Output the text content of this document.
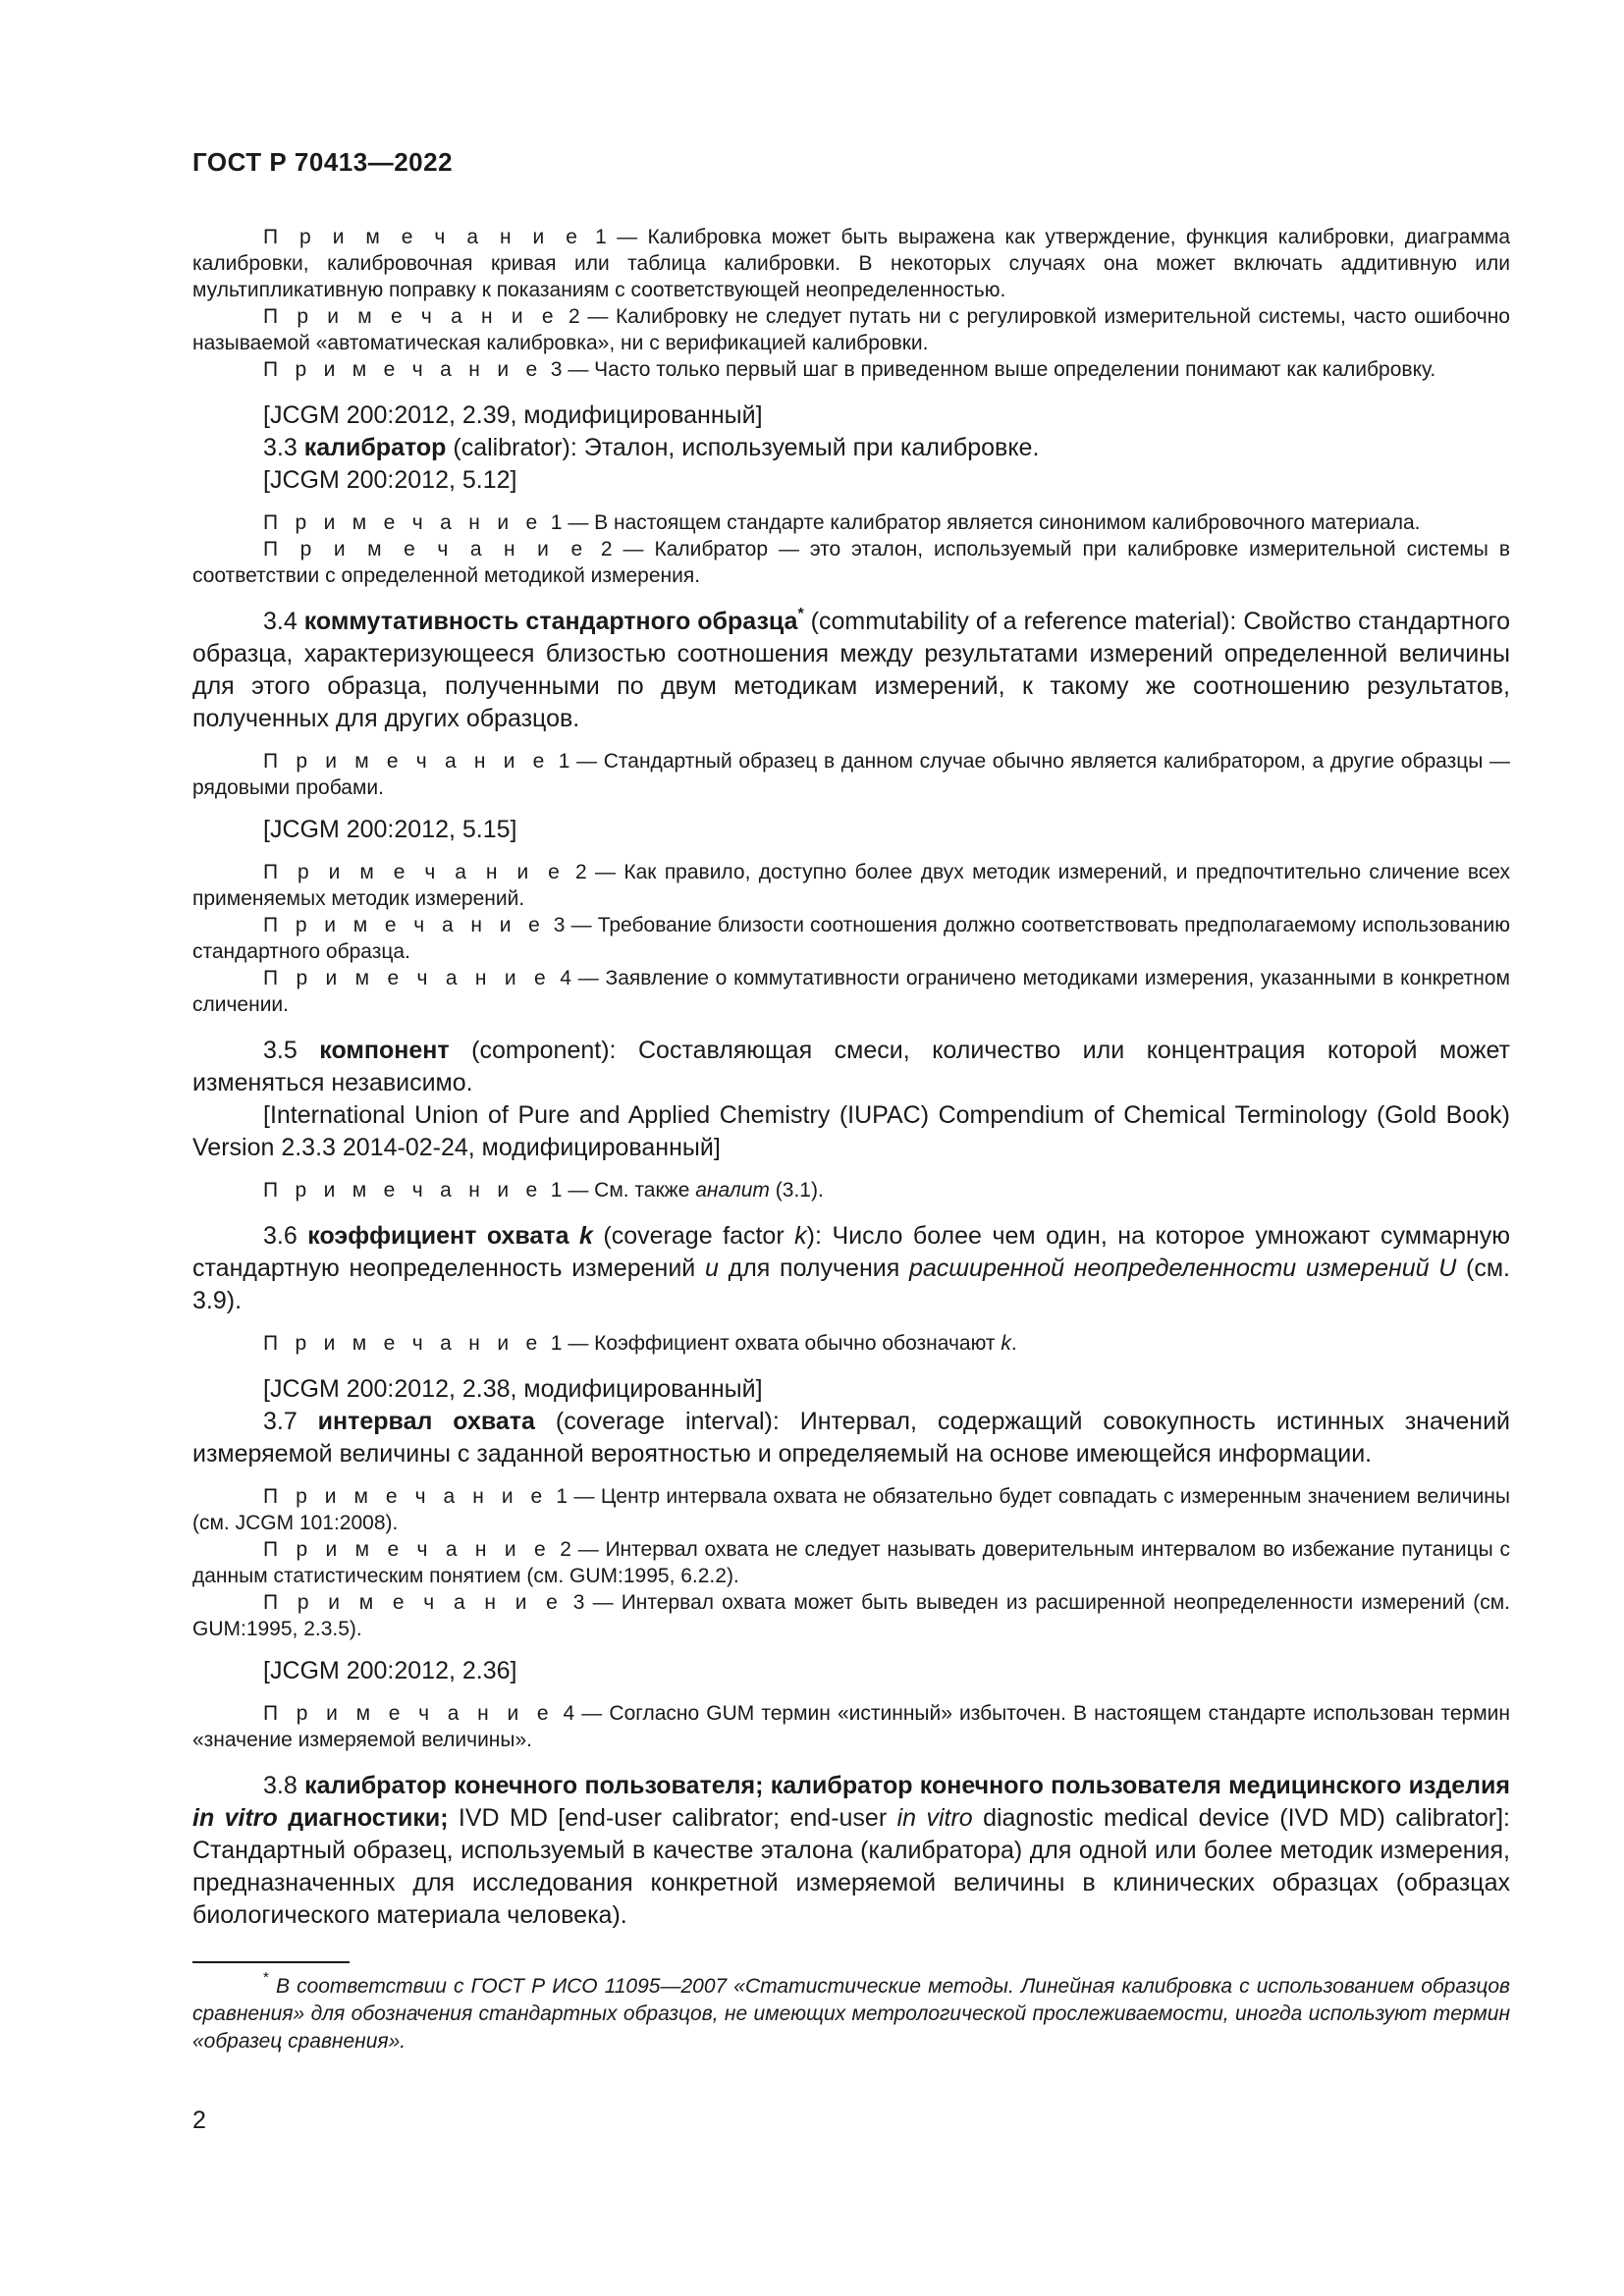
ГОСТ Р 70413—2022

П р и м е ч а н и е 1 — Калибровка может быть выражена как утверждение, функция калибровки, диаграмма калибровки, калибровочная кривая или таблица калибровки. В некоторых случаях она может включать аддитивную или мультипликативную поправку к показаниям с соответствующей неопределенностью.

П р и м е ч а н и е 2 — Калибровку не следует путать ни с регулировкой измерительной системы, часто ошибочно называемой «автоматическая калибровка», ни с верификацией калибровки.

П р и м е ч а н и е 3 — Часто только первый шаг в приведенном выше определении понимают как калибровку.

[JCGM 200:2012, 2.39, модифицированный]

3.3 калибратор (calibrator): Эталон, используемый при калибровке.

[JCGM 200:2012, 5.12]

П р и м е ч а н и е 1 — В настоящем стандарте калибратор является синонимом калибровочного материала.

П р и м е ч а н и е 2 — Калибратор — это эталон, используемый при калибровке измерительной системы в соответствии с определенной методикой измерения.

3.4 коммутативность стандартного образца* (commutability of a reference material): Свойство стандартного образца, характеризующееся близостью соотношения между результатами измерений определенной величины для этого образца, полученными по двум методикам измерений, к такому же соотношению результатов, полученных для других образцов.

П р и м е ч а н и е 1 — Стандартный образец в данном случае обычно является калибратором, а другие образцы — рядовыми пробами.

[JCGM 200:2012, 5.15]

П р и м е ч а н и е 2 — Как правило, доступно более двух методик измерений, и предпочтительно сличение всех применяемых методик измерений.

П р и м е ч а н и е 3 — Требование близости соотношения должно соответствовать предполагаемому использованию стандартного образца.

П р и м е ч а н и е 4 — Заявление о коммутативности ограничено методиками измерения, указанными в конкретном сличении.

3.5 компонент (component): Составляющая смеси, количество или концентрация которой может изменяться независимо.

[International Union of Pure and Applied Chemistry (IUPAC) Compendium of Chemical Terminology (Gold Book) Version 2.3.3 2014-02-24, модифицированный]

П р и м е ч а н и е 1 — См. также аналит (3.1).

3.6 коэффициент охвата k (coverage factor k): Число более чем один, на которое умножают суммарную стандартную неопределенность измерений u для получения расширенной неопределенности измерений U (см. 3.9).

П р и м е ч а н и е 1 — Коэффициент охвата обычно обозначают k.

[JCGM 200:2012, 2.38, модифицированный]

3.7 интервал охвата (coverage interval): Интервал, содержащий совокупность истинных значений измеряемой величины с заданной вероятностью и определяемый на основе имеющейся информации.

П р и м е ч а н и е 1 — Центр интервала охвата не обязательно будет совпадать с измеренным значением величины (см. JCGM 101:2008).

П р и м е ч а н и е 2 — Интервал охвата не следует называть доверительным интервалом во избежание путаницы с данным статистическим понятием (см. GUM:1995, 6.2.2).

П р и м е ч а н и е 3 — Интервал охвата может быть выведен из расширенной неопределенности измерений (см. GUM:1995, 2.3.5).

[JCGM 200:2012, 2.36]

П р и м е ч а н и е 4 — Согласно GUM термин «истинный» избыточен. В настоящем стандарте использован термин «значение измеряемой величины».

3.8 калибратор конечного пользователя; калибратор конечного пользователя медицинского изделия in vitro диагностики; IVD MD [end-user calibrator; end-user in vitro diagnostic medical device (IVD MD) calibrator]: Стандартный образец, используемый в качестве эталона (калибратора) для одной или более методик измерения, предназначенных для исследования конкретной измеряемой величины в клинических образцах (образцах биологического материала человека).

* В соответствии с ГОСТ Р ИСО 11095—2007 «Статистические методы. Линейная калибровка с использованием образцов сравнения» для обозначения стандартных образцов, не имеющих метрологической прослеживаемости, иногда используют термин «образец сравнения».

2
